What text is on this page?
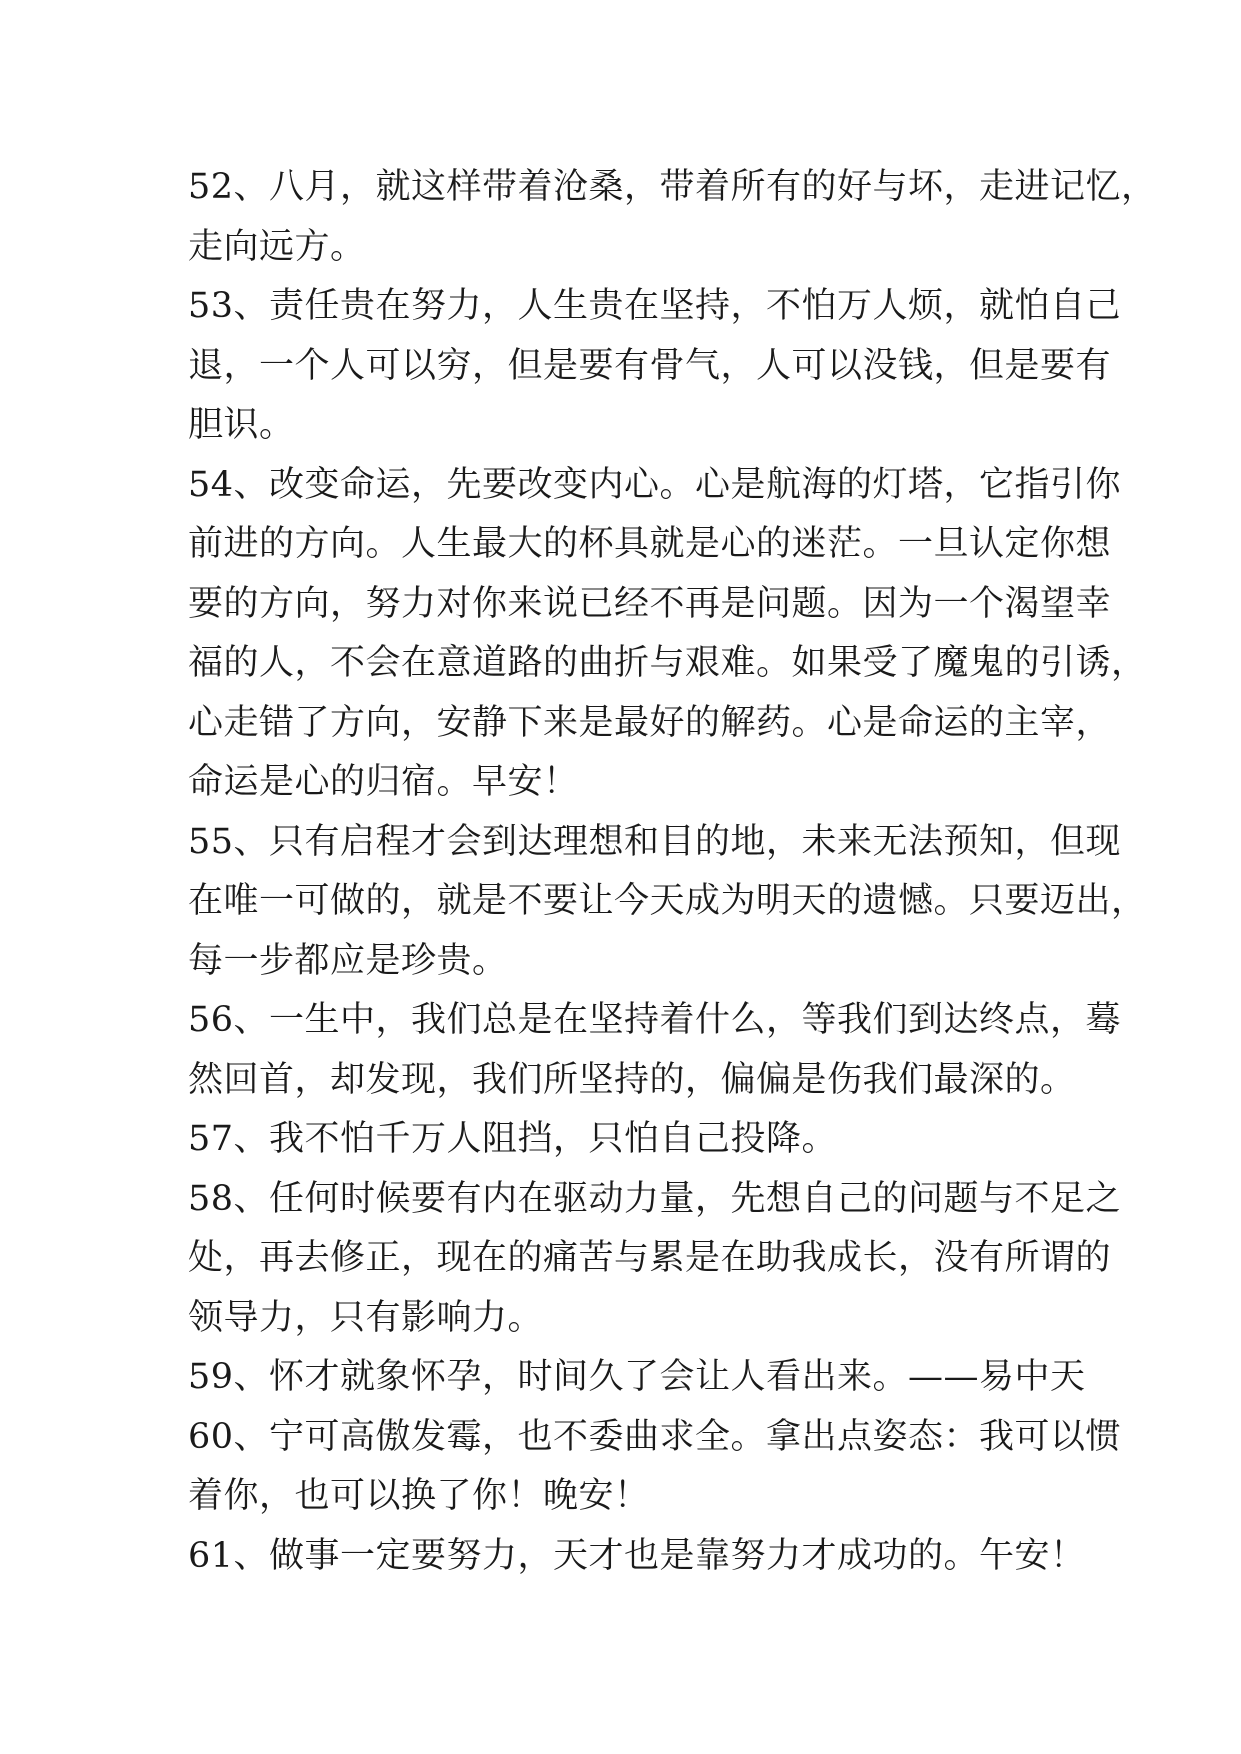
52、八月，就这样带着沧桑，带着所有的好与坏，走进记忆，
走向远方。
53、责任贵在努力，人生贵在坚持，不怕万人烦，就怕自己
退，一个人可以穷，但是要有骨气，人可以没钱，但是要有
胆识。
54、改变命运，先要改变内心。心是航海的灯塔，它指引你
前进的方向。人生最大的杯具就是心的迷茫。一旦认定你想
要的方向，努力对你来说已经不再是问题。因为一个渴望幸
福的人，不会在意道路的曲折与艰难。如果受了魔鬼的引诱，
心走错了方向，安静下来是最好的解药。心是命运的主宰，
命运是心的归宿。早安！
55、只有启程才会到达理想和目的地，未来无法预知，但现
在唯一可做的，就是不要让今天成为明天的遗憾。只要迈出，
每一步都应是珍贵。
56、一生中，我们总是在坚持着什么，等我们到达终点，蓦
然回首，却发现，我们所坚持的，偏偏是伤我们最深的。
57、我不怕千万人阻挡，只怕自己投降。
58、任何时候要有内在驱动力量，先想自己的问题与不足之
处，再去修正，现在的痛苦与累是在助我成长，没有所谓的
领导力，只有影响力。
59、怀才就象怀孕，时间久了会让人看出来。——易中天
60、宁可高傲发霉，也不委曲求全。拿出点姿态：我可以惯
着你，也可以换了你！晚安！
61、做事一定要努力，天才也是靠努力才成功的。午安！
